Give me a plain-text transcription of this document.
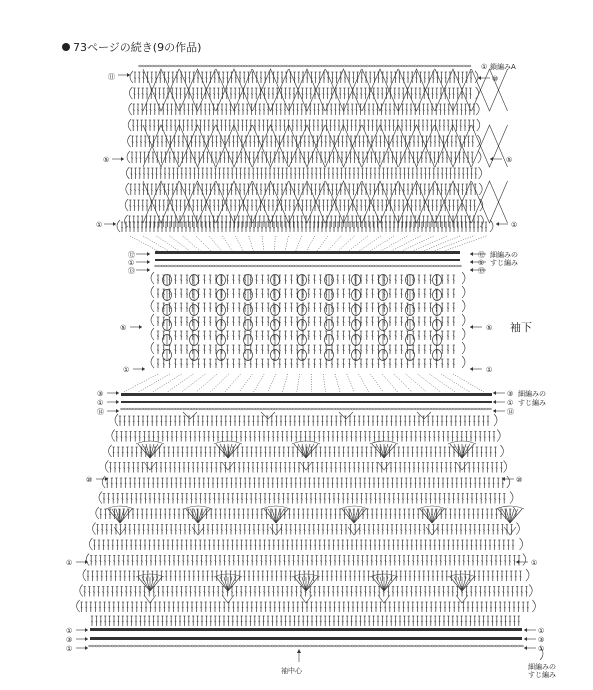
73ページの続き(9の作品)
鎖編みA
①
⑩
⑪
⑤	⑤
①	①
⑫
①
⑬
⑫
①
⑬
細編みの
すじ編み
⑤	⑤
①	①
袖下
③
①
⑭
③
①
⑭
細編みの
すじ編み
⑩	⑩
①	①
①
③
①
①
③
①
細編みの
すじ編み
袖中心
